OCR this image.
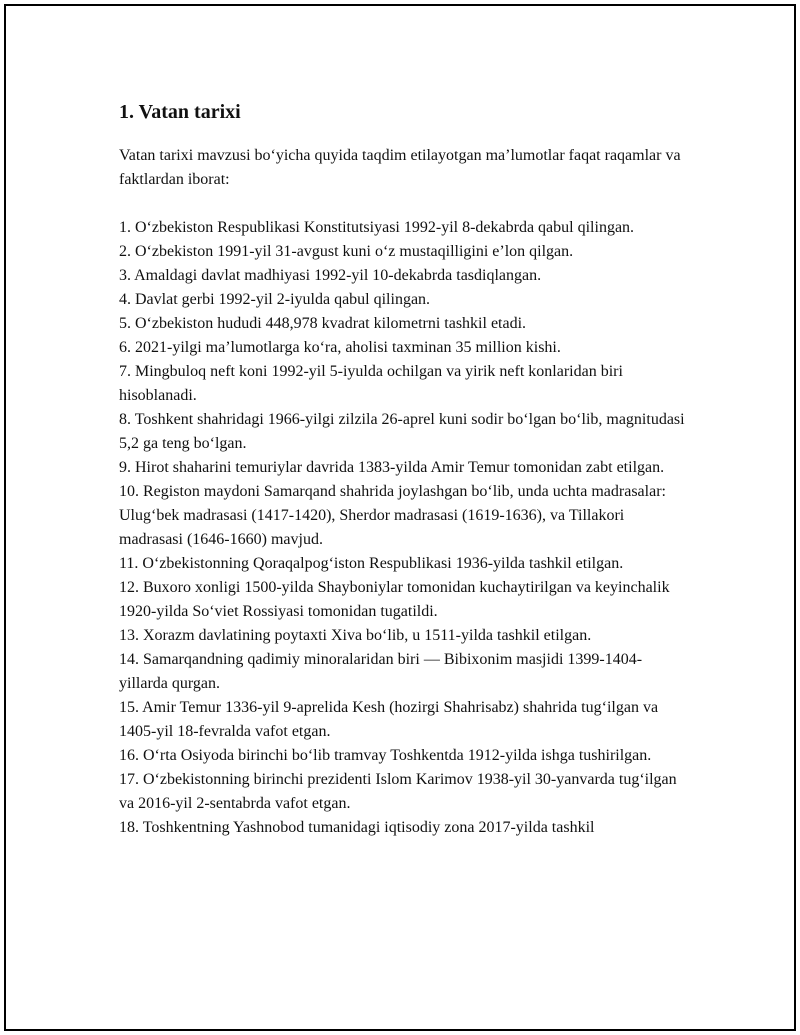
1. Vatan tarixi

Vatan tarixi mavzusi bo‘yicha quyida taqdim etilayotgan ma’lumotlar faqat raqamlar va faktlardan iborat:

1. O‘zbekiston Respublikasi Konstitutsiyasi 1992-yil 8-dekabrda qabul qilingan.
2. O‘zbekiston 1991-yil 31-avgust kuni o‘z mustaqilligini e’lon qilgan.
3. Amaldagi davlat madhiyasi 1992-yil 10-dekabrda tasdiqlangan.
4. Davlat gerbi 1992-yil 2-iyulda qabul qilingan.
5. O‘zbekiston hududi 448,978 kvadrat kilometrni tashkil etadi.
6. 2021-yilgi ma’lumotlarga ko‘ra, aholisi taxminan 35 million kishi.
7. Mingbuloq neft koni 1992-yil 5-iyulda ochilgan va yirik neft konlaridan biri hisoblanadi.
8. Toshkent shahridagi 1966-yilgi zilzila 26-aprel kuni sodir bo‘lgan bo‘lib, magnitudasi 5,2 ga teng bo‘lgan.
9. Hirot shaharini temuriylar davrida 1383-yilda Amir Temur tomonidan zabt etilgan.
10. Registon maydoni Samarqand shahrida joylashgan bo‘lib, unda uchta madrasalar: Ulug‘bek madrasasi (1417-1420), Sherdor madrasasi (1619-1636), va Tillakori madrasasi (1646-1660) mavjud.
11. O‘zbekistonning Qoraqalpog‘iston Respublikasi 1936-yilda tashkil etilgan.
12. Buxoro xonligi 1500-yilda Shayboniylar tomonidan kuchaytirilgan va keyinchalik 1920-yilda So‘viet Rossiyasi tomonidan tugatildi.
13. Xorazm davlatining poytaxti Xiva bo‘lib, u 1511-yilda tashkil etilgan.
14. Samarqandning qadimiy minoralaridan biri — Bibixonim masjidi 1399-1404-yillarda qurgan.
15. Amir Temur 1336-yil 9-aprelida Kesh (hozirgi Shahrisabz) shahrida tug‘ilgan va 1405-yil 18-fevralda vafot etgan.
16. O‘rta Osiyoda birinchi bo‘lib tramvay Toshkentda 1912-yilda ishga tushirilgan.
17. O‘zbekistonning birinchi prezidenti Islom Karimov 1938-yil 30-yanvarda tug‘ilgan va 2016-yil 2-sentabrda vafot etgan.
18. Toshkentning Yashnobod tumanidagi iqtisodiy zona 2017-yilda tashkil
